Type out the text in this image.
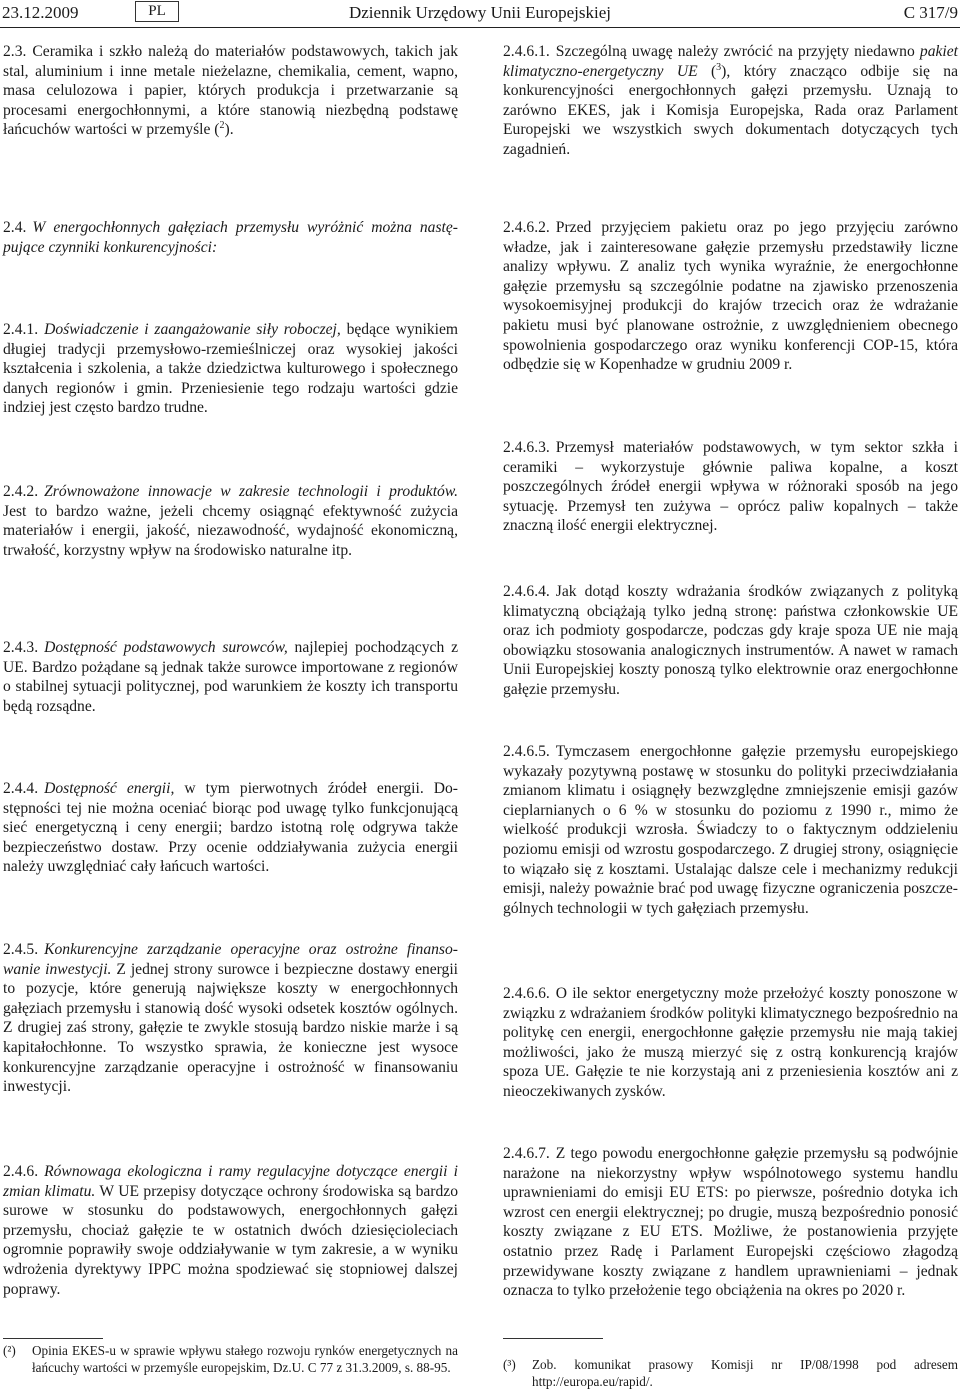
23.12.2009	PL	Dziennik Urzędowy Unii Europejskiej	C 317/9
2.3. Ceramika i szkło należą do materiałów podstawowych, takich jak stal, aluminium i inne metale nieżelazne, chemikalia, cement, wapno, masa celulozowa i papier, których produkcja i przetwarzanie są procesami energochłonnymi, a które stanowią niezbędną podstawę łańcuchów wartości w przemyśle ($^2$).
2.4. W energochłonnych gałęziach przemysłu wyróżnić można następujące czynniki konkurencyjności:
2.4.1. Doświadczenie i zaangażowanie siły roboczej, będące wynikiem długiej tradycji przemysłowo-rzemieślniczej oraz wysokiej jakości kształcenia i szkolenia, a także dziedzictwa kulturowego i społecznego danych regionów i gmin. Przeniesienie tego rodzaju wartości gdzie indziej jest często bardzo trudne.
2.4.2. Zrównoważone innowacje w zakresie technologii i produktów. Jest to bardzo ważne, jeżeli chcemy osiągnąć efektywność zużycia materiałów i energii, jakość, niezawodność, wydajność ekonomiczną, trwałość, korzystny wpływ na środowisko naturalne itp.
2.4.3. Dostępność podstawowych surowców, najlepiej pochodzących z UE. Bardzo pożądane są jednak także surowce importowane z regionów o stabilnej sytuacji politycznej, pod warunkiem że koszty ich transportu będą rozsądne.
2.4.4. Dostępność energii, w tym pierwotnych źródeł energii. Dostępności tej nie można oceniać biorąc pod uwagę tylko funkcjonującą sieć energetyczną i ceny energii; bardzo istotną rolę odgrywa także bezpieczeństwo dostaw. Przy ocenie oddziaływania zużycia energii należy uwzględniać cały łańcuch wartości.
2.4.5. Konkurencyjne zarządzanie operacyjne oraz ostrożne finansowanie inwestycji. Z jednej strony surowce i bezpieczne dostawy energii to pozycje, które generują największe koszty w energochłonnych gałęziach przemysłu i stanowią dość wysoki odsetek kosztów ogólnych. Z drugiej zaś strony, gałęzie te zwykle stosują bardzo niskie marże i są kapitałochłonne. To wszystko sprawia, że konieczne jest wysoce konkurencyjne zarządzanie operacyjne i ostrożność w finansowaniu inwestycji.
2.4.6. Równowaga ekologiczna i ramy regulacyjne dotyczące energii i zmian klimatu. W UE przepisy dotyczące ochrony środowiska są bardzo surowe w stosunku do podstawowych, energochłonnych gałęzi przemysłu, chociaż gałęzie te w ostatnich dwóch dziesięcioleciach ogromnie poprawiły swoje oddziaływanie w tym zakresie, a w wyniku wdrożenia dyrektywy IPPC można spodziewać się stopniowej dalszej poprawy.
(²) Opinia EKES-u w sprawie wpływu stałego rozwoju rynków energetycznych na łańcuchy wartości w przemyśle europejskim, Dz.U. C 77 z 31.3.2009, s. 88-95.
2.4.6.1. Szczególną uwagę należy zwrócić na przyjęty niedawno pakiet klimatyczno-energetyczny UE ($^3$), który znacząco odbije się na konkurencyjności energochłonnych gałęzi przemysłu. Uznają to zarówno EKES, jak i Komisja Europejska, Rada oraz Parlament Europejski we wszystkich swych dokumentach dotyczących tych zagadnień.
2.4.6.2. Przed przyjęciem pakietu oraz po jego przyjęciu zarówno władze, jak i zainteresowane gałęzie przemysłu przedstawiły liczne analizy wpływu. Z analiz tych wynika wyraźnie, że energochłonne gałęzie przemysłu są szczególnie podatne na zjawisko przenoszenia wysokoemisyjnej produkcji do krajów trzecich oraz że wdrażanie pakietu musi być planowane ostrożnie, z uwzględnieniem obecnego spowolnienia gospodarczego oraz wyniku konferencji COP-15, która odbędzie się w Kopenhadze w grudniu 2009 r.
2.4.6.3. Przemysł materiałów podstawowych, w tym sektor szkła i ceramiki – wykorzystuje głównie paliwa kopalne, a koszt poszczególnych źródeł energii wpływa w różnoraki sposób na jego sytuację. Przemysł ten zużywa – oprócz paliw kopalnych – także znaczną ilość energii elektrycznej.
2.4.6.4. Jak dotąd koszty wdrażania środków związanych z polityką klimatyczną obciążają tylko jedną stronę: państwa członkowskie UE oraz ich podmioty gospodarcze, podczas gdy kraje spoza UE nie mają obowiązku stosowania analogicznych instrumentów. A nawet w ramach Unii Europejskiej koszty ponoszą tylko elektrownie oraz energochłonne gałęzie przemysłu.
2.4.6.5. Tymczasem energochłonne gałęzie przemysłu europejskiego wykazały pozytywną postawę w stosunku do polityki przeciwdziałania zmianom klimatu i osiągnęły bezwzględne zmniejszenie emisji gazów cieplarnianych o 6 % w stosunku do poziomu z 1990 r., mimo że wielkość produkcji wzrosła. Świadczy to o faktycznym oddzieleniu poziomu emisji od wzrostu gospodarczego. Z drugiej strony, osiągnięcie to wiązało się z kosztami. Ustalając dalsze cele i mechanizmy redukcji emisji, należy poważnie brać pod uwagę fizyczne ograniczenia poszczególnych technologii w tych gałęziach przemysłu.
2.4.6.6. O ile sektor energetyczny może przełożyć koszty ponoszone w związku z wdrażaniem środków polityki klimatycznego bezpośrednio na politykę cen energii, energochłonne gałęzie przemysłu nie mają takiej możliwości, jako że muszą mierzyć się z ostrą konkurencją krajów spoza UE. Gałęzie te nie korzystają ani z przeniesienia kosztów ani z nieoczekiwanych zysków.
2.4.6.7. Z tego powodu energochłonne gałęzie przemysłu są podwójnie narażone na niekorzystny wpływ wspólnotowego systemu handlu uprawnieniami do emisji EU ETS: po pierwsze, pośrednio dotyka ich wzrost cen energii elektrycznej; po drugie, muszą bezpośrednio ponosić koszty związane z EU ETS. Możliwe, że postanowienia przyjęte ostatnio przez Radę i Parlament Europejski częściowo złagodzą przewidywane koszty związane z handlem uprawnieniami – jednak oznacza to tylko przełożenie tego obciążenia na okres po 2020 r.
(³) Zob. komunikat prasowy Komisji nr IP/08/1998 pod adresem http://europa.eu/rapid/.
